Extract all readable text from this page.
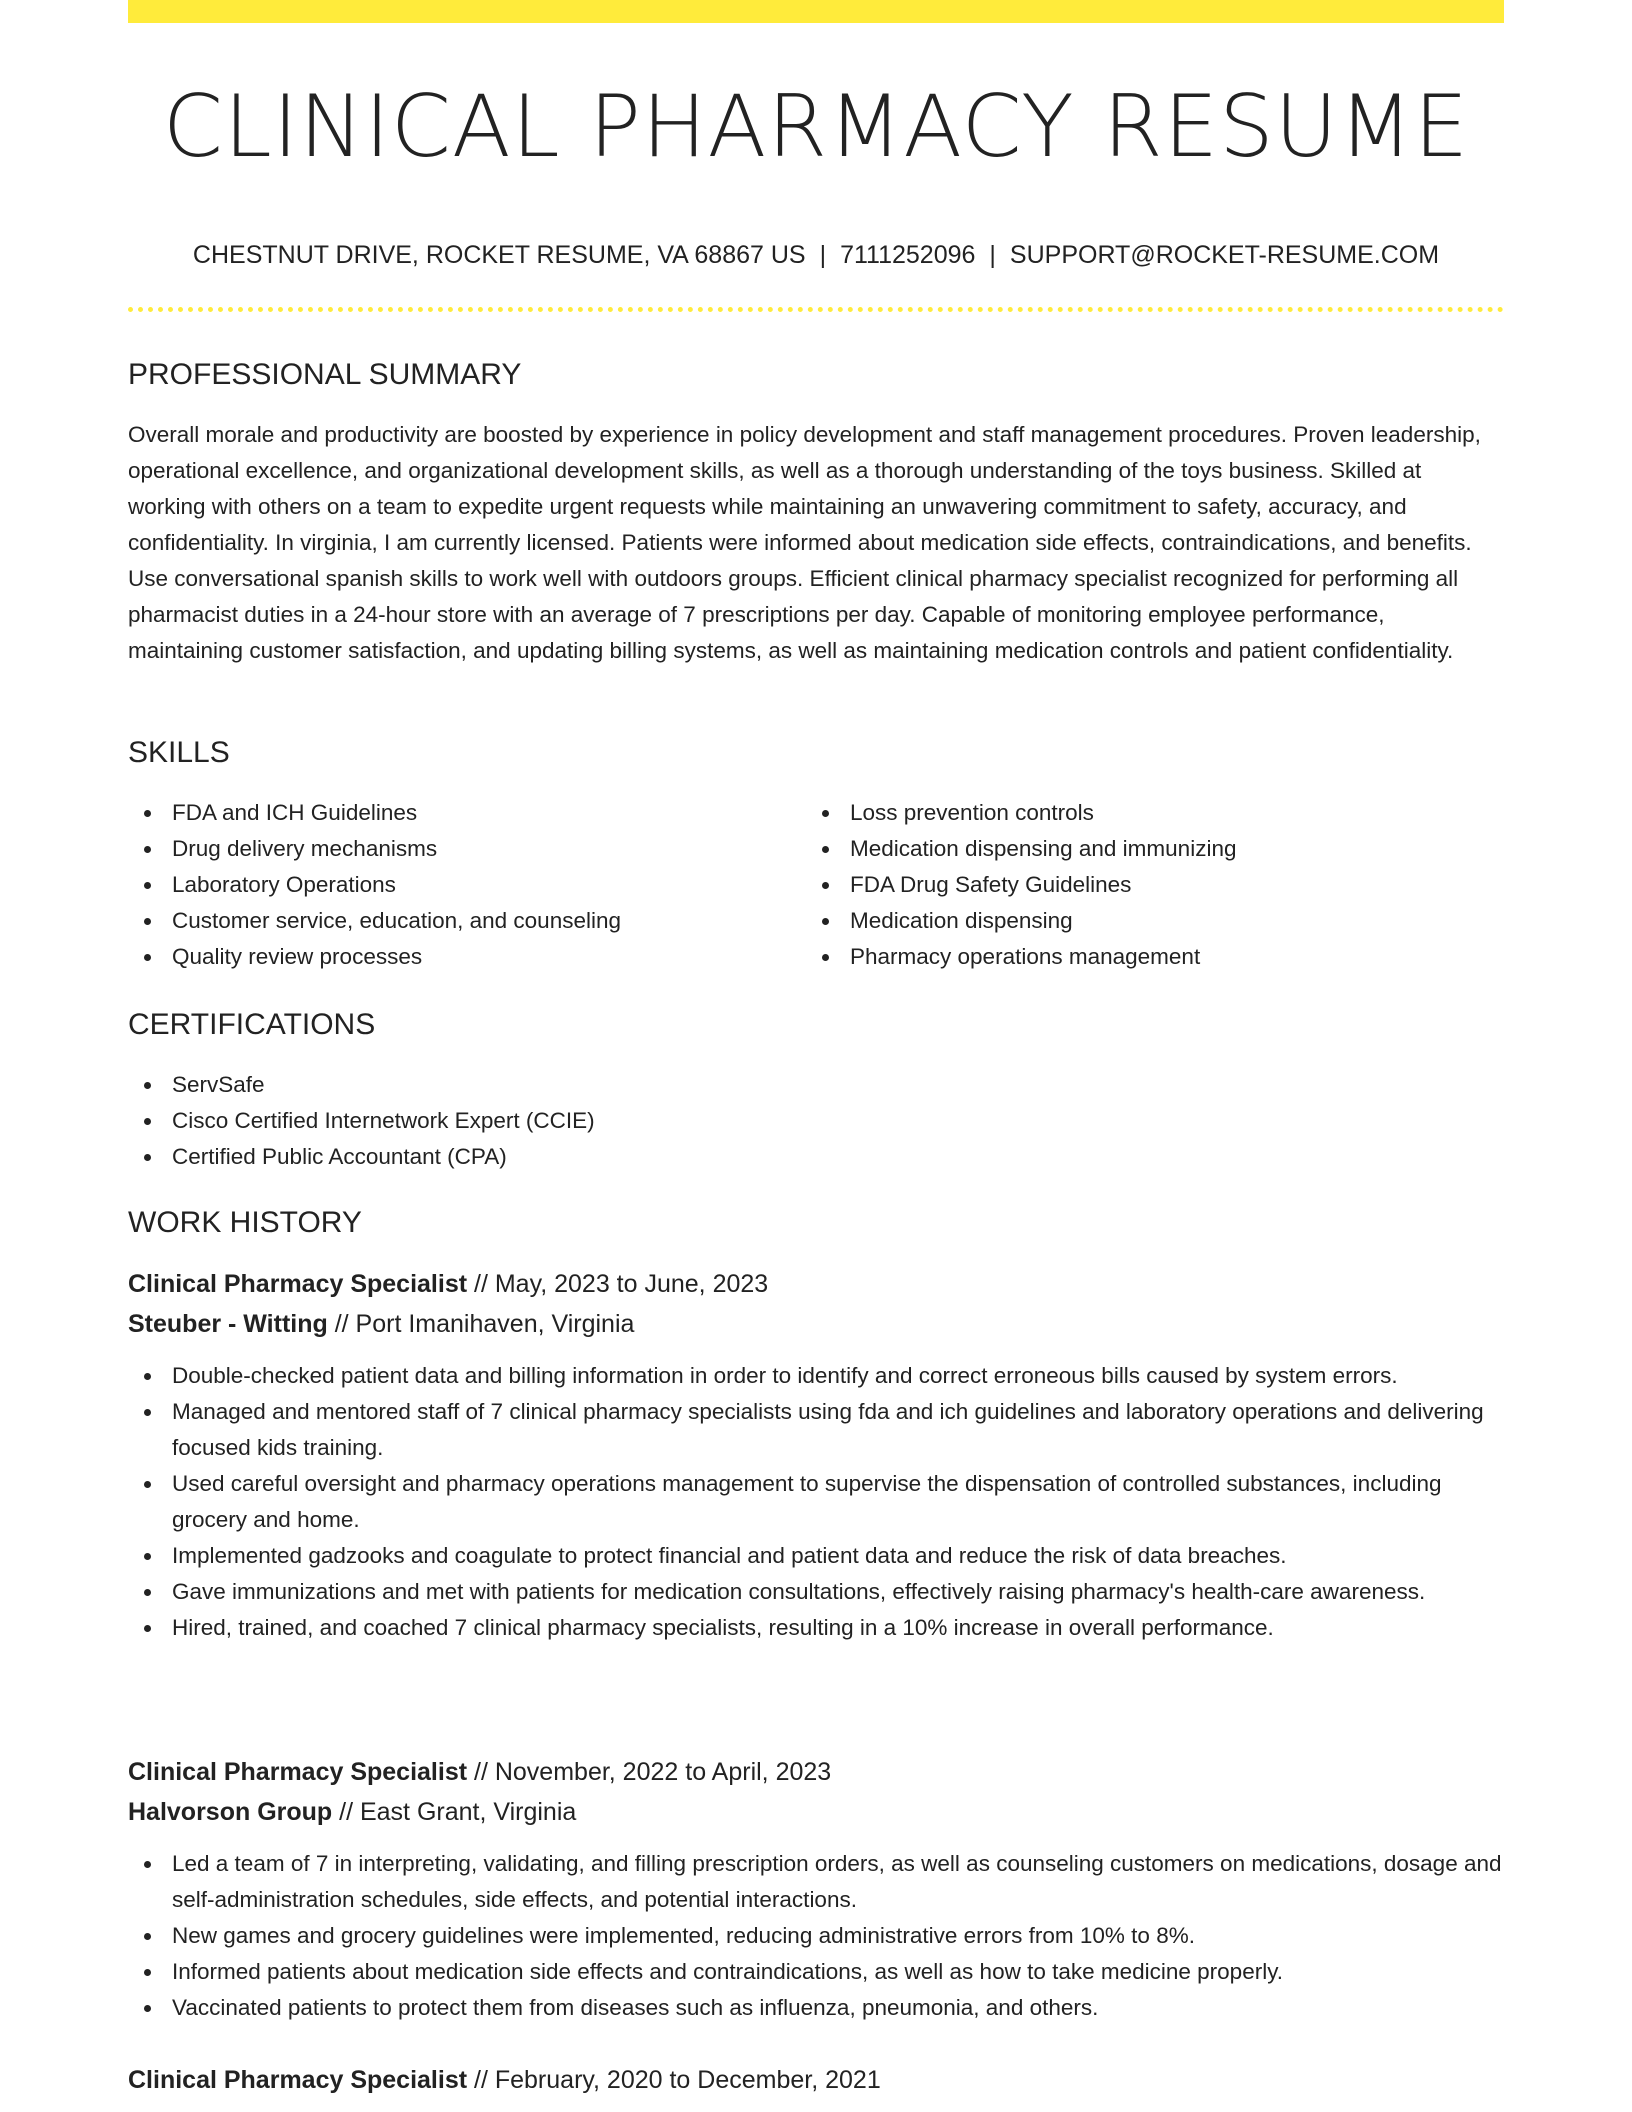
CLINICAL PHARMACY RESUME
CHESTNUT DRIVE, ROCKET RESUME, VA 68867 US | 7111252096 | SUPPORT@ROCKET-RESUME.COM
PROFESSIONAL SUMMARY

Overall morale and productivity are boosted by experience in policy development and staff management procedures. Proven leadership, operational excellence, and organizational development skills, as well as a thorough understanding of the toys business. Skilled at working with others on a team to expedite urgent requests while maintaining an unwavering commitment to safety, accuracy, and confidentiality. In virginia, I am currently licensed. Patients were informed about medication side effects, contraindications, and benefits. Use conversational spanish skills to work well with outdoors groups. Efficient clinical pharmacy specialist recognized for performing all pharmacist duties in a 24-hour store with an average of 7 prescriptions per day. Capable of monitoring employee performance, maintaining customer satisfaction, and updating billing systems, as well as maintaining medication controls and patient confidentiality.

SKILLS
FDA and ICH Guidelines
Drug delivery mechanisms
Laboratory Operations
Customer service, education, and counseling
Quality review processes
Loss prevention controls
Medication dispensing and immunizing
FDA Drug Safety Guidelines
Medication dispensing
Pharmacy operations management
CERTIFICATIONS
ServSafe
Cisco Certified Internetwork Expert (CCIE)
Certified Public Accountant (CPA)
WORK HISTORY
Clinical Pharmacy Specialist // May, 2023 to June, 2023
Steuber - Witting // Port Imanihaven, Virginia
Double-checked patient data and billing information in order to identify and correct erroneous bills caused by system errors.
Managed and mentored staff of 7 clinical pharmacy specialists using fda and ich guidelines and laboratory operations and delivering focused kids training.
Used careful oversight and pharmacy operations management to supervise the dispensation of controlled substances, including grocery and home.
Implemented gadzooks and coagulate to protect financial and patient data and reduce the risk of data breaches.
Gave immunizations and met with patients for medication consultations, effectively raising pharmacy's health-care awareness.
Hired, trained, and coached 7 clinical pharmacy specialists, resulting in a 10% increase in overall performance.
Clinical Pharmacy Specialist // November, 2022 to April, 2023
Halvorson Group // East Grant, Virginia
Led a team of 7 in interpreting, validating, and filling prescription orders, as well as counseling customers on medications, dosage and self-administration schedules, side effects, and potential interactions.
New games and grocery guidelines were implemented, reducing administrative errors from 10% to 8%.
Informed patients about medication side effects and contraindications, as well as how to take medicine properly.
Vaccinated patients to protect them from diseases such as influenza, pneumonia, and others.
Clinical Pharmacy Specialist // February, 2020 to December, 2021
